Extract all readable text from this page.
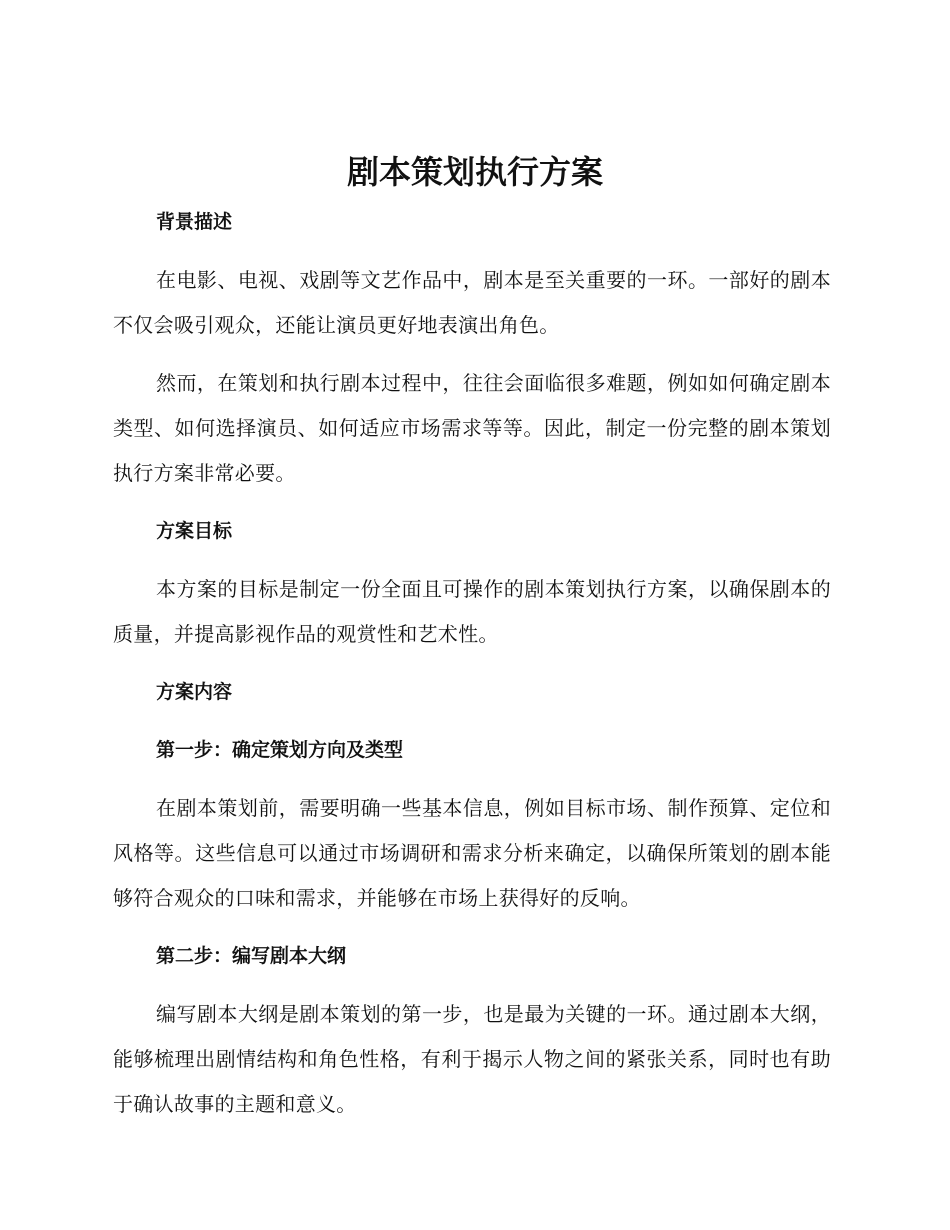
剧本策划执行方案
背景描述

在电影、电视、戏剧等文艺作品中，剧本是至关重要的一环。一部好的剧本不仅会吸引观众，还能让演员更好地表演出角色。

然而，在策划和执行剧本过程中，往往会面临很多难题，例如如何确定剧本类型、如何选择演员、如何适应市场需求等等。因此，制定一份完整的剧本策划执行方案非常必要。

方案目标

本方案的目标是制定一份全面且可操作的剧本策划执行方案，以确保剧本的质量，并提高影视作品的观赏性和艺术性。

方案内容
第一步：确定策划方向及类型

在剧本策划前，需要明确一些基本信息，例如目标市场、制作预算、定位和风格等。这些信息可以通过市场调研和需求分析来确定，以确保所策划的剧本能够符合观众的口味和需求，并能够在市场上获得好的反响。

第二步：编写剧本大纲

编写剧本大纲是剧本策划的第一步，也是最为关键的一环。通过剧本大纲，能够梳理出剧情结构和角色性格，有利于揭示人物之间的紧张关系，同时也有助于确认故事的主题和意义。
